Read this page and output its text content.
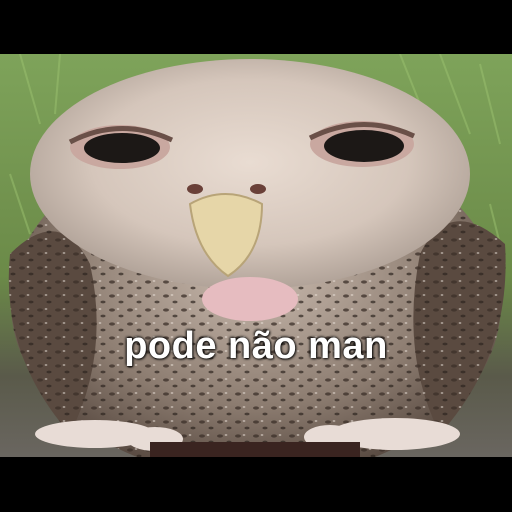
pode não man
